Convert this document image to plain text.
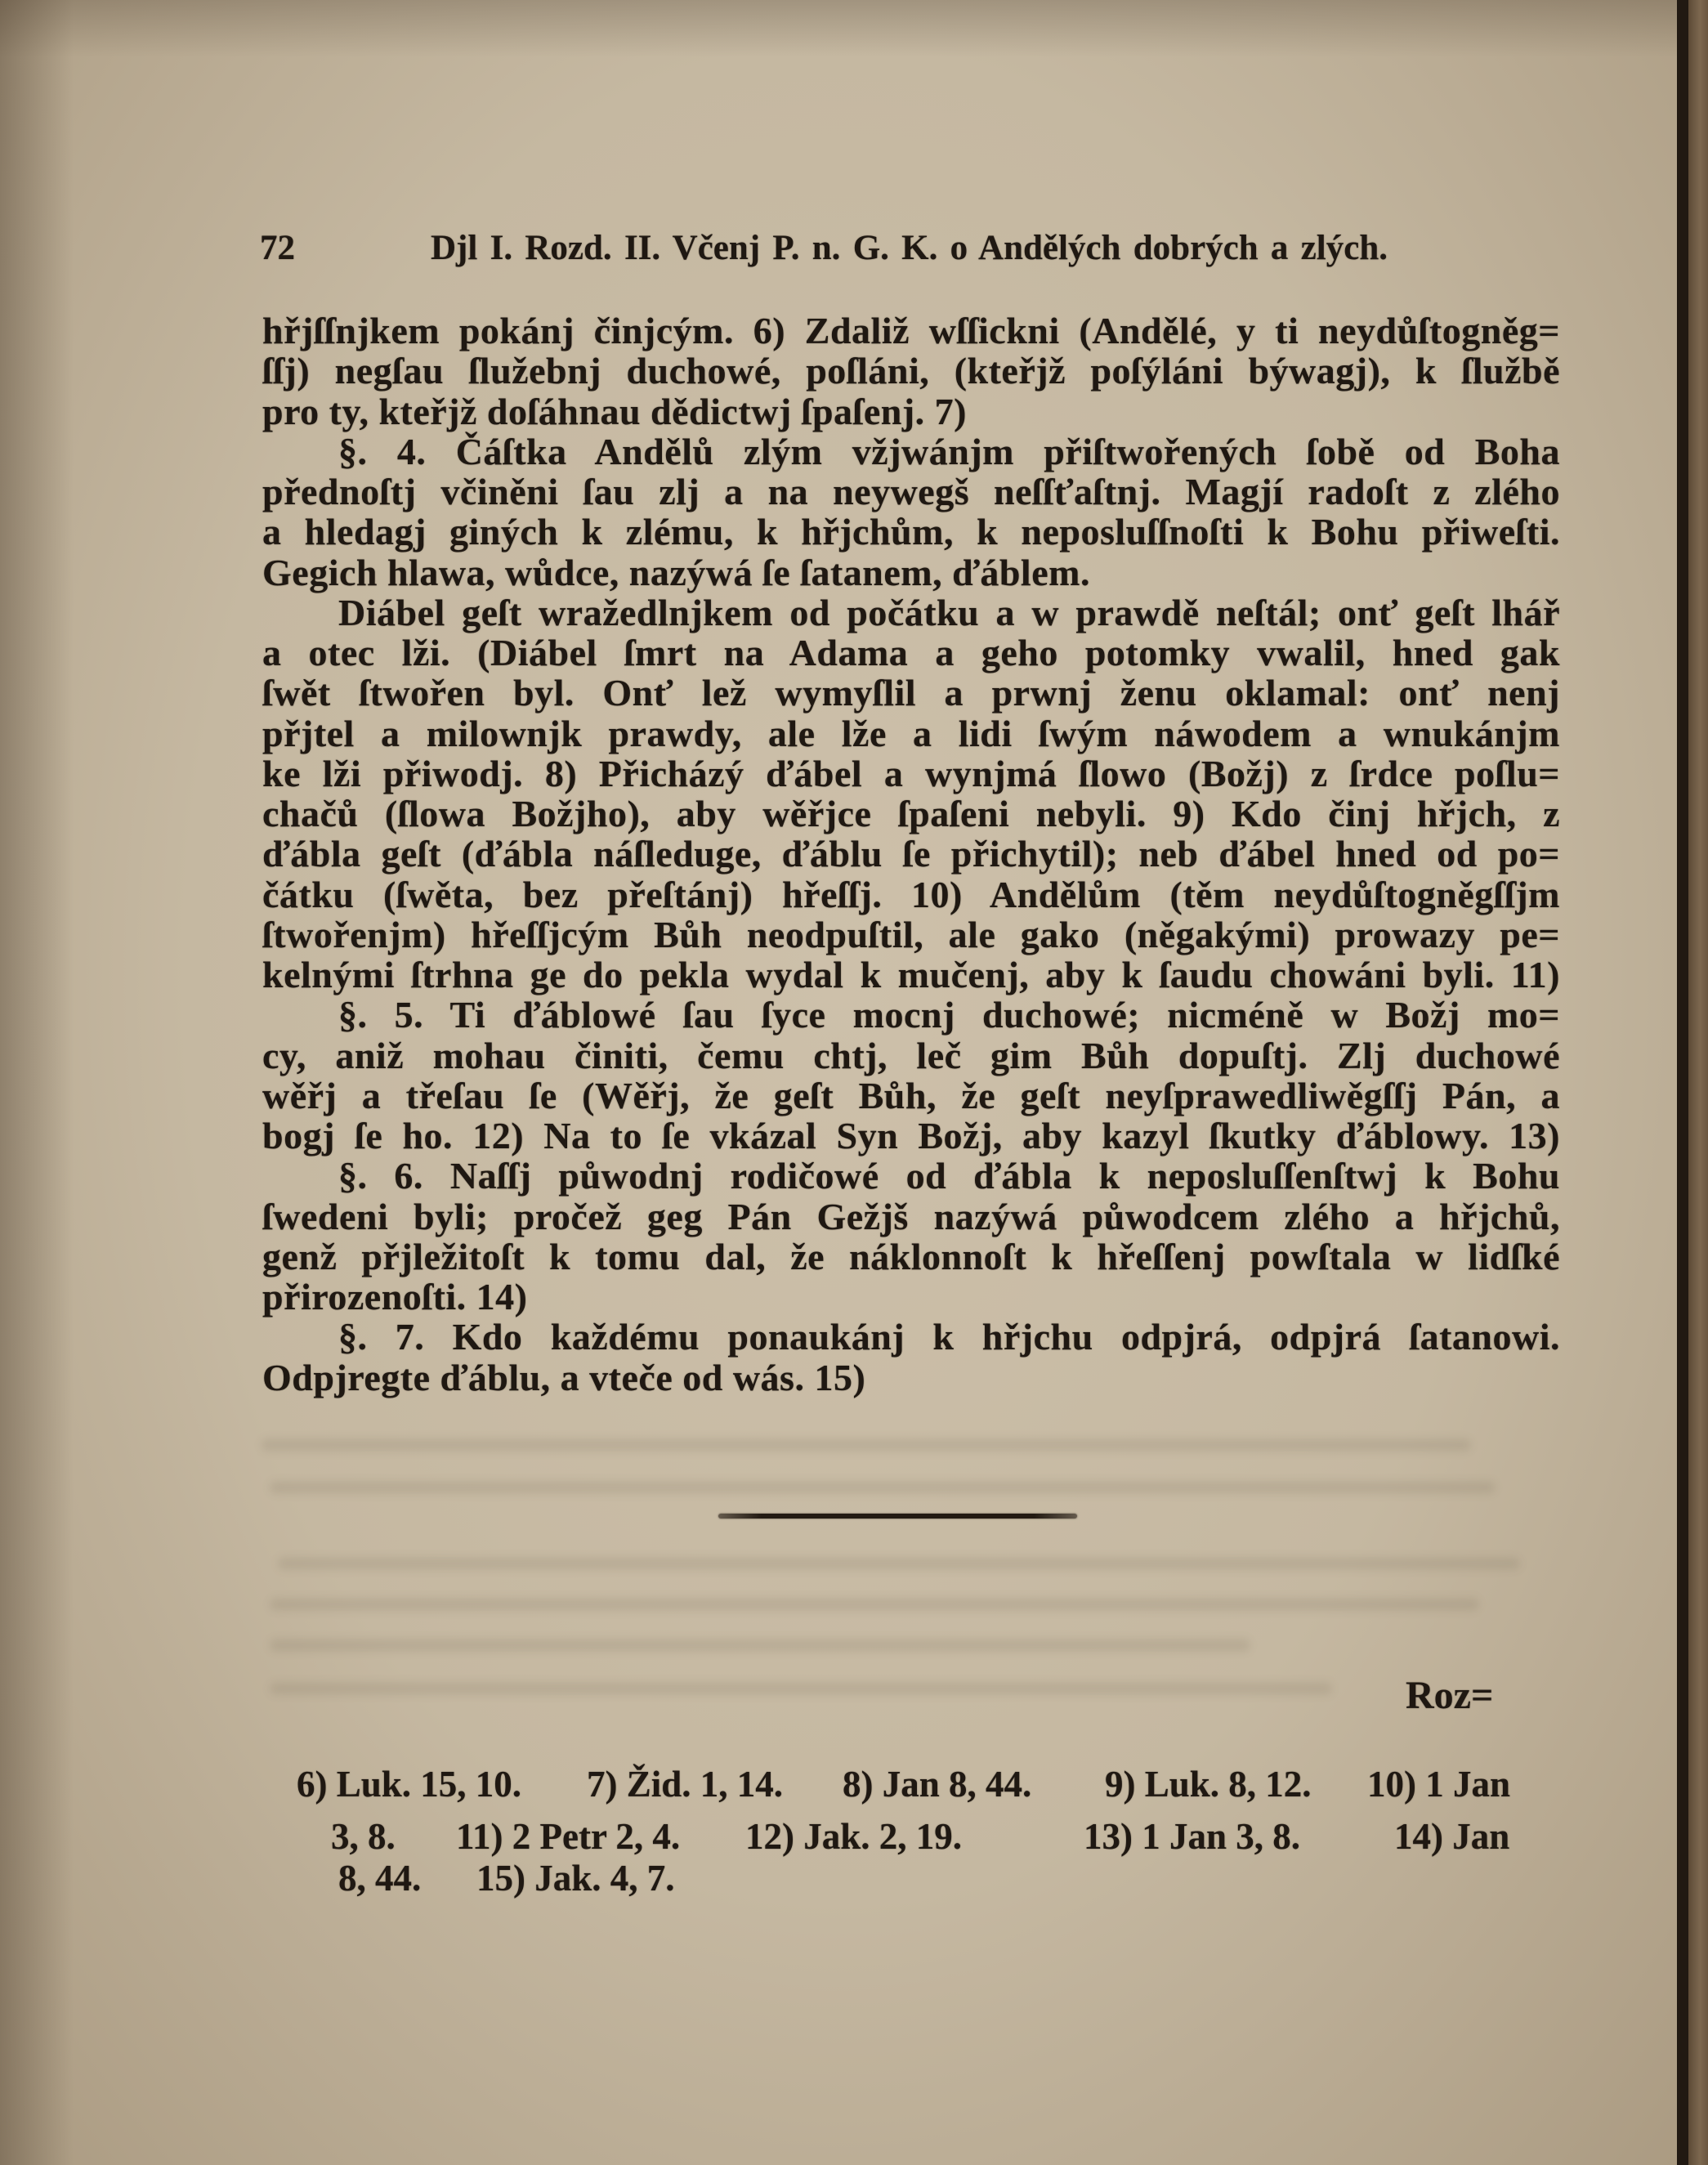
72	Djl I. Rozd. II. Včenj P. n. G. K. o Andělých dobrých a zlých.
hřjſſnjkem pokánj činjcým. 6) Zdaliž wſſickni (Andělé, y ti neydůſtogněg=
ſſj) negſau ſlužebnj duchowé, poſláni, (kteřjž poſýláni býwagj), k ſlužbě
pro ty, kteřjž doſáhnau dědictwj ſpaſenj. 7)
§. 4. Čáſtka Andělů zlým vžjwánjm přiſtwořených ſobě od Boha
přednoſtj včiněni ſau zlj a na neywegš neſſťaſtnj. Magjí radoſt z zlého
a hledagj giných k zlému, k hřjchům, k neposluſſnoſti k Bohu přiweſti.
Gegich hlawa, wůdce, nazýwá ſe ſatanem, ďáblem.
Diábel geſt wražedlnjkem od počátku a w prawdě neſtál; onť geſt lhář
a otec lži. (Diábel ſmrt na Adama a geho potomky vwalil, hned gak
ſwět ſtwořen byl. Onť lež wymyſlil a prwnj ženu oklamal: onť nenj
přjtel a milownjk prawdy, ale lže a lidi ſwým náwodem a wnukánjm
ke lži přiwodj. 8) Přicházý ďábel a wynjmá ſlowo (Božj) z ſrdce poſlu=
chačů (ſlowa Božjho), aby wěřjce ſpaſeni nebyli. 9) Kdo činj hřjch, z
ďábla geſt (ďábla náſleduge, ďáblu ſe přichytil); neb ďábel hned od po=
čátku (ſwěta, bez přeſtánj) hřeſſj. 10) Andělům (těm neydůſtogněgſſjm
ſtwořenjm) hřeſſjcým Bůh neodpuſtil, ale gako (něgakými) prowazy pe=
kelnými ſtrhna ge do pekla wydal k mučenj, aby k ſaudu chowáni byli. 11)
§. 5. Ti ďáblowé ſau ſyce mocnj duchowé; nicméně w Božj mo=
cy, aniž mohau činiti, čemu chtj, leč gim Bůh dopuſtj. Zlj duchowé
wěřj a třeſau ſe (Wěřj, že geſt Bůh, že geſt neyſprawedliwěgſſj Pán, a
bogj ſe ho. 12) Na to ſe vkázal Syn Božj, aby kazyl ſkutky ďáblowy. 13)
§. 6. Naſſj půwodnj rodičowé od ďábla k neposluſſenſtwj k Bohu
ſwedeni byli; pročež geg Pán Gežjš nazýwá půwodcem zlého a hřjchů,
genž přjležitoſt k tomu dal, že náklonnoſt k hřeſſenj powſtala w lidſké
přirozenoſti. 14)
§. 7. Kdo každému ponaukánj k hřjchu odpjrá, odpjrá ſatanowi.
Odpjregte ďáblu, a vteče od wás. 15)
Roz=
6) Luk. 15, 10. 7) Žid. 1, 14. 8) Jan 8, 44. 9) Luk. 8, 12. 10) 1 Jan
3, 8. 11) 2 Petr 2, 4. 12) Jak. 2, 19.	13) 1 Jan 3, 8.	14) Jan
8, 44. 15) Jak. 4, 7.
